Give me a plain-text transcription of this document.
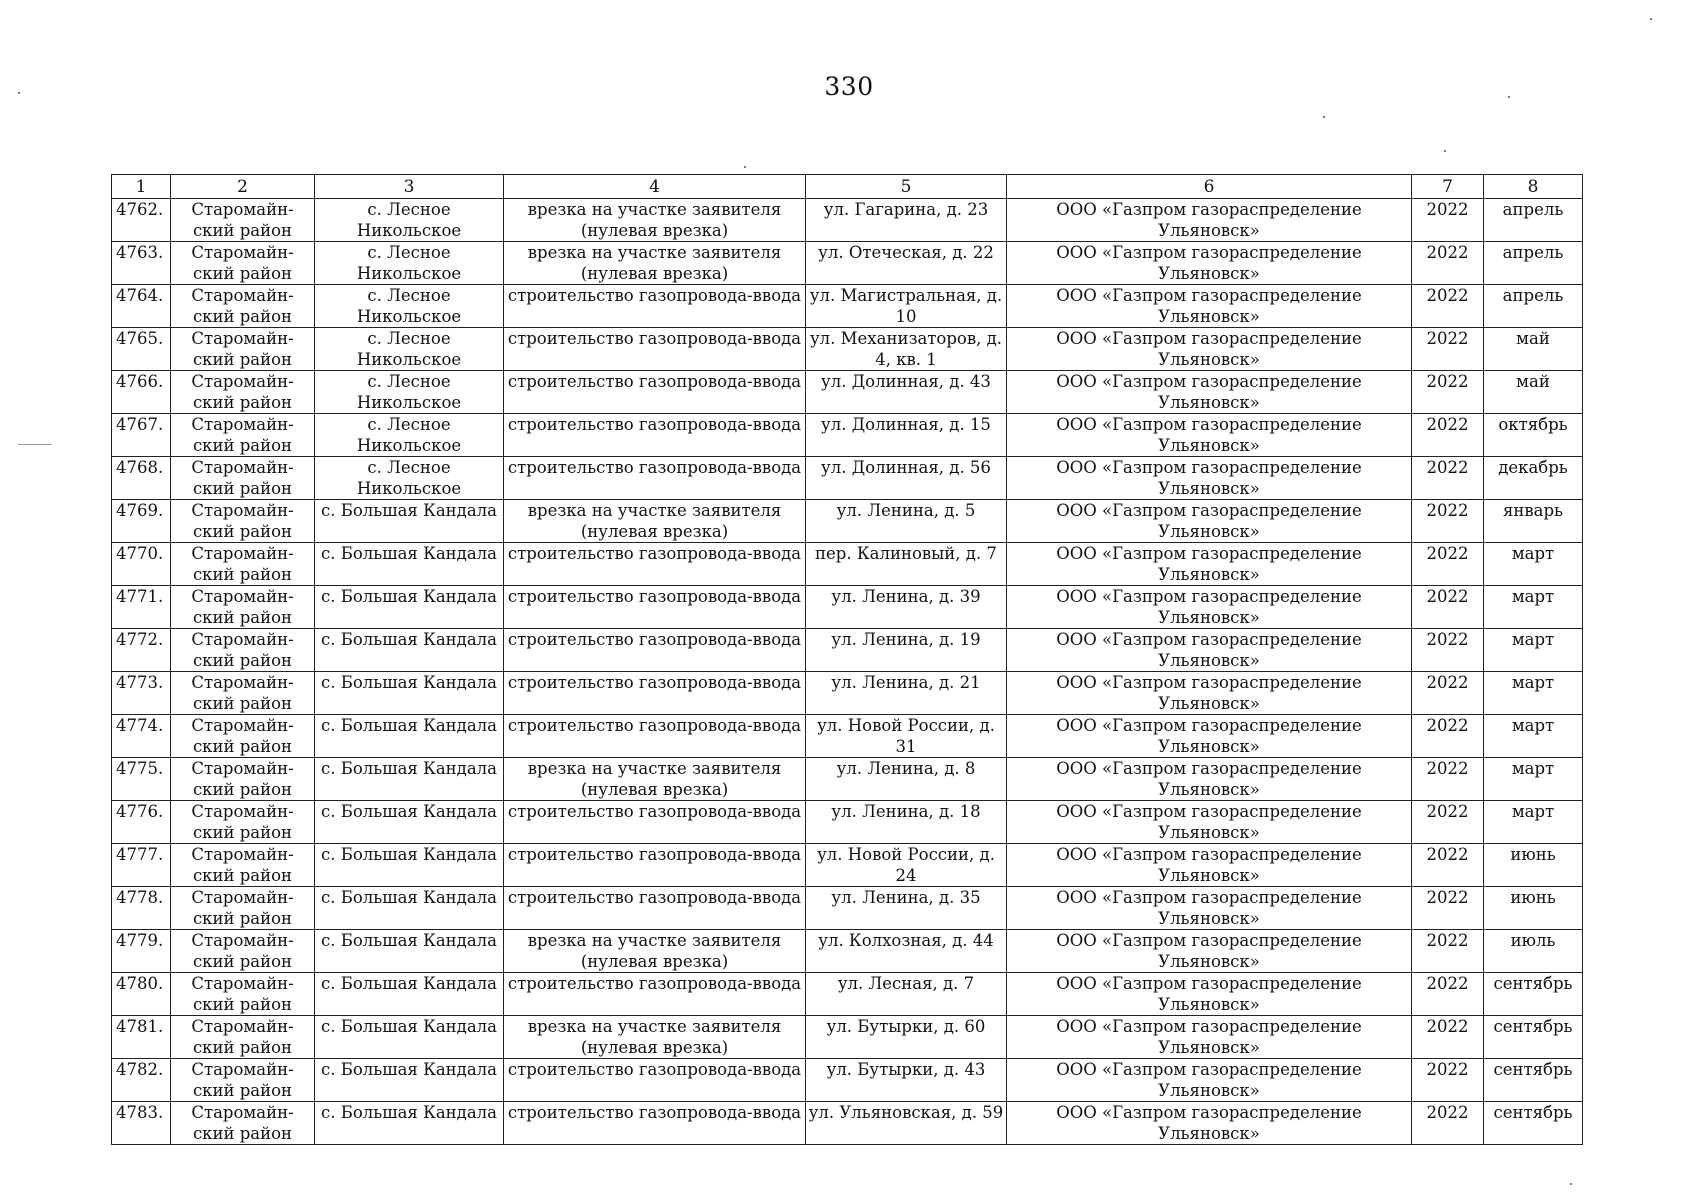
330
1	2	3	4	5	6	7	8
4762.	Старомайн-ский район	с. Лесное Никольское	врезка на участке заявителя (нулевая врезка)	ул. Гагарина, д. 23	ООО «Газпром газораспределение Ульяновск»	2022	апрель
4763.	Старомайн-ский район	с. Лесное Никольское	врезка на участке заявителя (нулевая врезка)	ул. Отеческая, д. 22	ООО «Газпром газораспределение Ульяновск»	2022	апрель
4764.	Старомайн-ский район	с. Лесное Никольское	строительство газопровода-ввода	ул. Магистральная, д. 10	ООО «Газпром газораспределение Ульяновск»	2022	апрель
4765.	Старомайн-ский район	с. Лесное Никольское	строительство газопровода-ввода	ул. Механизаторов, д. 4, кв. 1	ООО «Газпром газораспределение Ульяновск»	2022	май
4766.	Старомайн-ский район	с. Лесное Никольское	строительство газопровода-ввода	ул. Долинная, д. 43	ООО «Газпром газораспределение Ульяновск»	2022	май
4767.	Старомайн-ский район	с. Лесное Никольское	строительство газопровода-ввода	ул. Долинная, д. 15	ООО «Газпром газораспределение Ульяновск»	2022	октябрь
4768.	Старомайн-ский район	с. Лесное Никольское	строительство газопровода-ввода	ул. Долинная, д. 56	ООО «Газпром газораспределение Ульяновск»	2022	декабрь
4769.	Старомайн-ский район	с. Большая Кандала	врезка на участке заявителя (нулевая врезка)	ул. Ленина, д. 5	ООО «Газпром газораспределение Ульяновск»	2022	январь
4770.	Старомайн-ский район	с. Большая Кандала	строительство газопровода-ввода	пер. Калиновый, д. 7	ООО «Газпром газораспределение Ульяновск»	2022	март
4771.	Старомайн-ский район	с. Большая Кандала	строительство газопровода-ввода	ул. Ленина, д. 39	ООО «Газпром газораспределение Ульяновск»	2022	март
4772.	Старомайн-ский район	с. Большая Кандала	строительство газопровода-ввода	ул. Ленина, д. 19	ООО «Газпром газораспределение Ульяновск»	2022	март
4773.	Старомайн-ский район	с. Большая Кандала	строительство газопровода-ввода	ул. Ленина, д. 21	ООО «Газпром газораспределение Ульяновск»	2022	март
4774.	Старомайн-ский район	с. Большая Кандала	строительство газопровода-ввода	ул. Новой России, д. 31	ООО «Газпром газораспределение Ульяновск»	2022	март
4775.	Старомайн-ский район	с. Большая Кандала	врезка на участке заявителя (нулевая врезка)	ул. Ленина, д. 8	ООО «Газпром газораспределение Ульяновск»	2022	март
4776.	Старомайн-ский район	с. Большая Кандала	строительство газопровода-ввода	ул. Ленина, д. 18	ООО «Газпром газораспределение Ульяновск»	2022	март
4777.	Старомайн-ский район	с. Большая Кандала	строительство газопровода-ввода	ул. Новой России, д. 24	ООО «Газпром газораспределение Ульяновск»	2022	июнь
4778.	Старомайн-ский район	с. Большая Кандала	строительство газопровода-ввода	ул. Ленина, д. 35	ООО «Газпром газораспределение Ульяновск»	2022	июнь
4779.	Старомайн-ский район	с. Большая Кандала	врезка на участке заявителя (нулевая врезка)	ул. Колхозная, д. 44	ООО «Газпром газораспределение Ульяновск»	2022	июль
4780.	Старомайн-ский район	с. Большая Кандала	строительство газопровода-ввода	ул. Лесная, д. 7	ООО «Газпром газораспределение Ульяновск»	2022	сентябрь
4781.	Старомайн-ский район	с. Большая Кандала	врезка на участке заявителя (нулевая врезка)	ул. Бутырки, д. 60	ООО «Газпром газораспределение Ульяновск»	2022	сентябрь
4782.	Старомайн-ский район	с. Большая Кандала	строительство газопровода-ввода	ул. Бутырки, д. 43	ООО «Газпром газораспределение Ульяновск»	2022	сентябрь
4783.	Старомайн-ский район	с. Большая Кандала	строительство газопровода-ввода	ул. Ульяновская, д. 59	ООО «Газпром газораспределение Ульяновск»	2022	сентябрь
